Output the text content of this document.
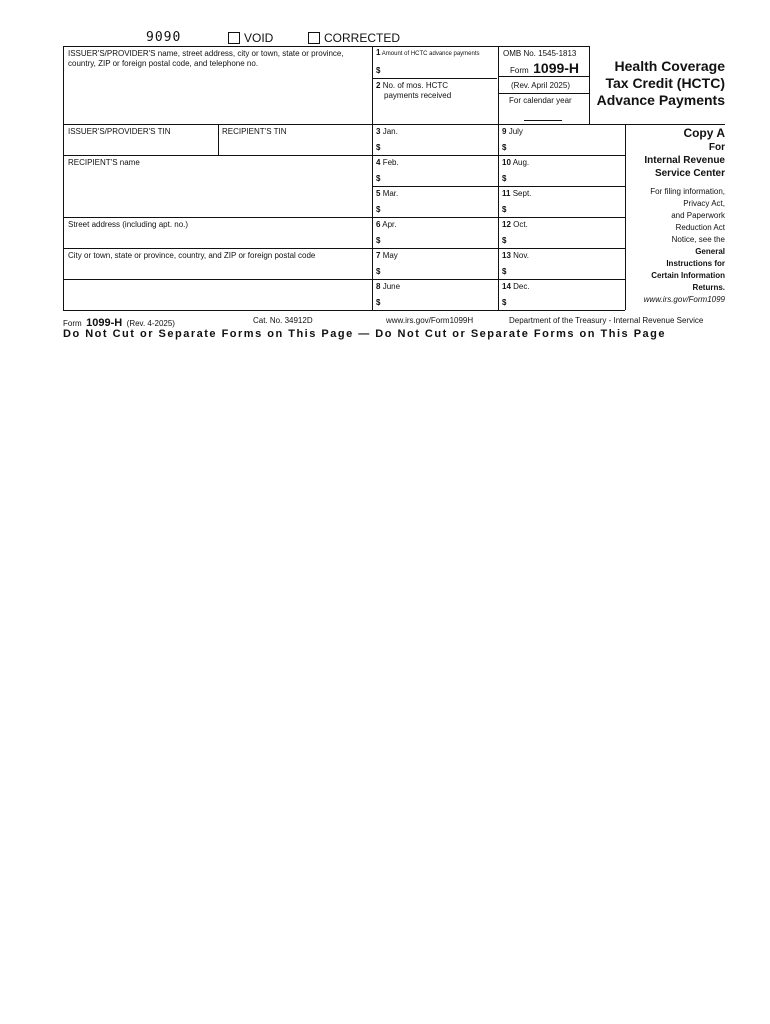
9090	VOID	CORRECTED
ISSUER'S/PROVIDER'S name, street address, city or town, state or province, country, ZIP or foreign postal code, and telephone no.
1 Amount of HCTC advance payments
$
2 No. of mos. HCTC
payments received
OMB No. 1545-1813
Form 1099-H
(Rev. April 2025)
For calendar year
Health Coverage
Tax Credit (HCTC)
Advance Payments
ISSUER'S/PROVIDER'S TIN	RECIPIENT'S TIN
RECIPIENT'S name
Street address (including apt. no.)
City or town, state or province, country, and ZIP or foreign postal code
3 Jan.
$
4 Feb.
$
5 Mar.
$
6 Apr.
$
7 May
$
8 June
$
9 July
$
10 Aug.
$
11 Sept.
$
12 Oct.
$
13 Nov.
$
14 Dec.
$
Copy A
For
Internal Revenue
Service Center
For filing information,
Privacy Act,
and Paperwork
Reduction Act
Notice, see the
General
Instructions for
Certain Information
Returns.
www.irs.gov/Form1099
Form 1099-H (Rev. 4-2025)	Cat. No. 34912D	www.irs.gov/Form1099H	Department of the Treasury - Internal Revenue Service
Do Not Cut or Separate Forms on This Page — Do Not Cut or Separate Forms on This Page
